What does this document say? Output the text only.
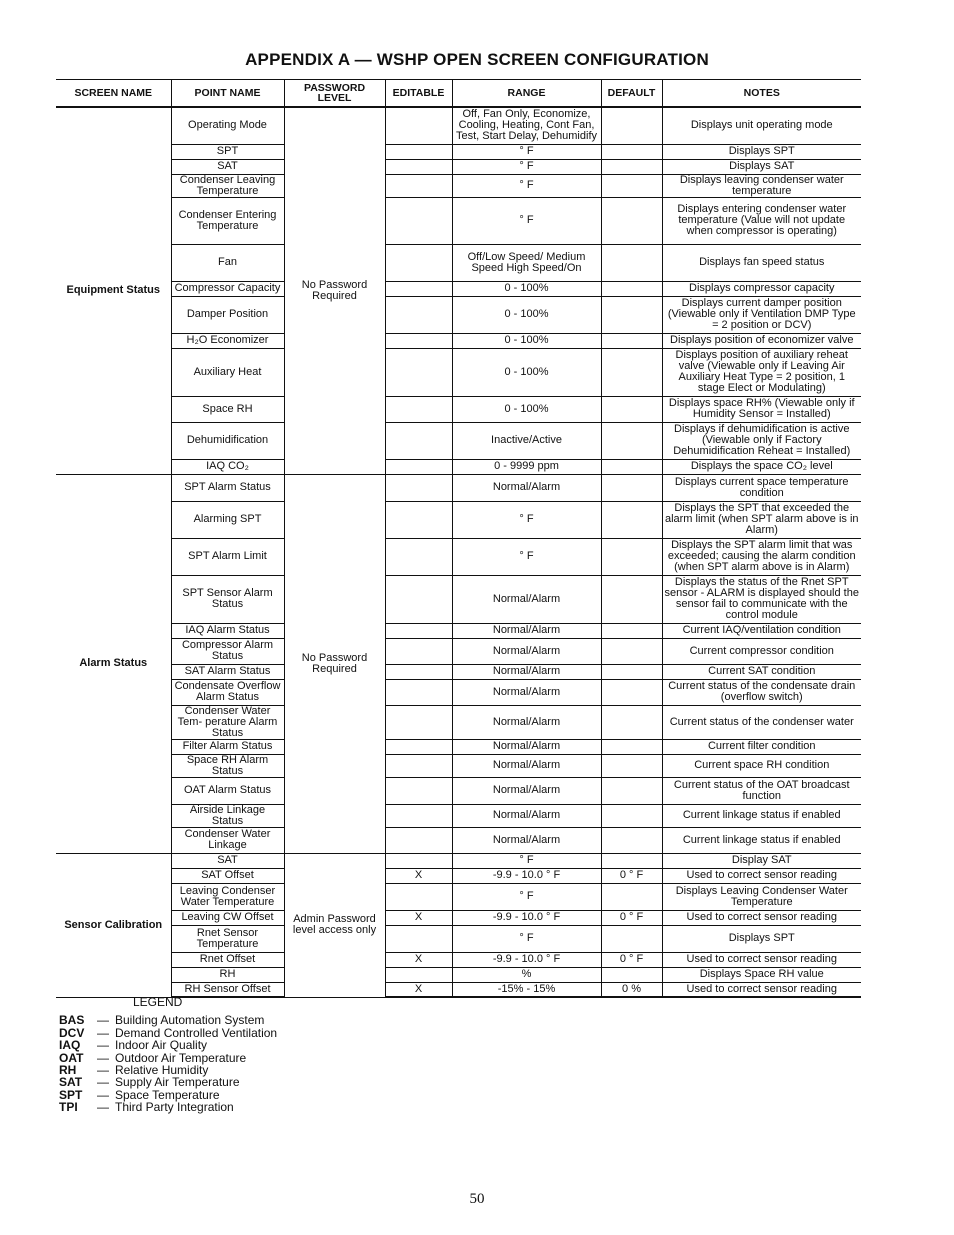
APPENDIX A — WSHP OPEN SCREEN CONFIGURATION
SCREEN NAME	POINT NAME	PASSWORD LEVEL	EDITABLE	RANGE	DEFAULT	NOTES
Equipment Status	Operating Mode	No Password Required		Off, Fan Only, Economize, Cooling, Heating, Cont Fan, Test, Start Delay, Dehumidify		Displays unit operating mode
	SPT			° F		Displays SPT
	SAT			° F		Displays SAT
	Condenser Leaving Temperature			° F		Displays leaving condenser water temperature
	Condenser Entering Temperature			° F		Displays entering condenser water temperature (Value will not update when compressor is operating)
	Fan			Off/Low Speed/ Medium Speed High Speed/On		Displays fan speed status
	Compressor Capacity			0 - 100%		Displays compressor capacity
	Damper Position			0 - 100%		Displays current damper position (Viewable only if Ventilation DMP Type = 2 position or DCV)
	H₂O Economizer			0 - 100%		Displays position of economizer valve
	Auxiliary Heat			0 - 100%		Displays position of auxiliary reheat valve (Viewable only if Leaving Air Auxiliary Heat Type = 2 position, 1 stage Elect or Modulating)
	Space RH			0 - 100%		Displays space RH% (Viewable only if Humidity Sensor = Installed)
	Dehumidification			Inactive/Active		Displays if dehumidification is active (Viewable only if Factory Dehumidification Reheat = Installed)
	IAQ CO₂			0 - 9999 ppm		Displays the space CO₂ level
Alarm Status	SPT Alarm Status	No Password Required		Normal/Alarm		Displays current space temperature condition
	Alarming SPT			° F		Displays the SPT that exceeded the alarm limit (when SPT alarm above is in Alarm)
	SPT Alarm Limit			° F		Displays the SPT alarm limit that was exceeded; causing the alarm condition (when SPT alarm above is in Alarm)
	SPT Sensor Alarm Status			Normal/Alarm		Displays the status of the Rnet SPT sensor - ALARM is displayed should the sensor fail to communicate with the control module
	IAQ Alarm Status			Normal/Alarm		Current IAQ/ventilation condition
	Compressor Alarm Status			Normal/Alarm		Current compressor condition
	SAT Alarm Status			Normal/Alarm		Current SAT condition
	Condensate Overflow Alarm Status			Normal/Alarm		Current status of the condensate drain (overflow switch)
	Condenser Water Tem- perature Alarm Status			Normal/Alarm		Current status of the condenser water
	Filter Alarm Status			Normal/Alarm		Current filter condition
	Space RH Alarm Status			Normal/Alarm		Current space RH condition
	OAT Alarm Status			Normal/Alarm		Current status of the OAT broadcast function
	Airside Linkage Status			Normal/Alarm		Current linkage status if enabled
	Condenser Water Linkage			Normal/Alarm		Current linkage status if enabled
Sensor Calibration	SAT	Admin Password level access only		° F		Display SAT
	SAT Offset		X	-9.9 - 10.0 ° F	0 ° F	Used to correct sensor reading
	Leaving Condenser Water Temperature			° F		Displays Leaving Condenser Water Temperature
	Leaving CW Offset		X	-9.9 - 10.0 ° F	0 ° F	Used to correct sensor reading
	Rnet Sensor Temperature			° F		Displays SPT
	Rnet Offset		X	-9.9 - 10.0 ° F	0 ° F	Used to correct sensor reading
	RH			%		Displays Space RH value
	RH Sensor Offset		X	-15% - 15%	0 %	Used to correct sensor reading
LEGEND
BAS	— Building Automation System
DCV	— Demand Controlled Ventilation
IAQ	— Indoor Air Quality
OAT	— Outdoor Air Temperature
RH	— Relative Humidity
SAT	— Supply Air Temperature
SPT	— Space Temperature
TPI	— Third Party Integration
50
